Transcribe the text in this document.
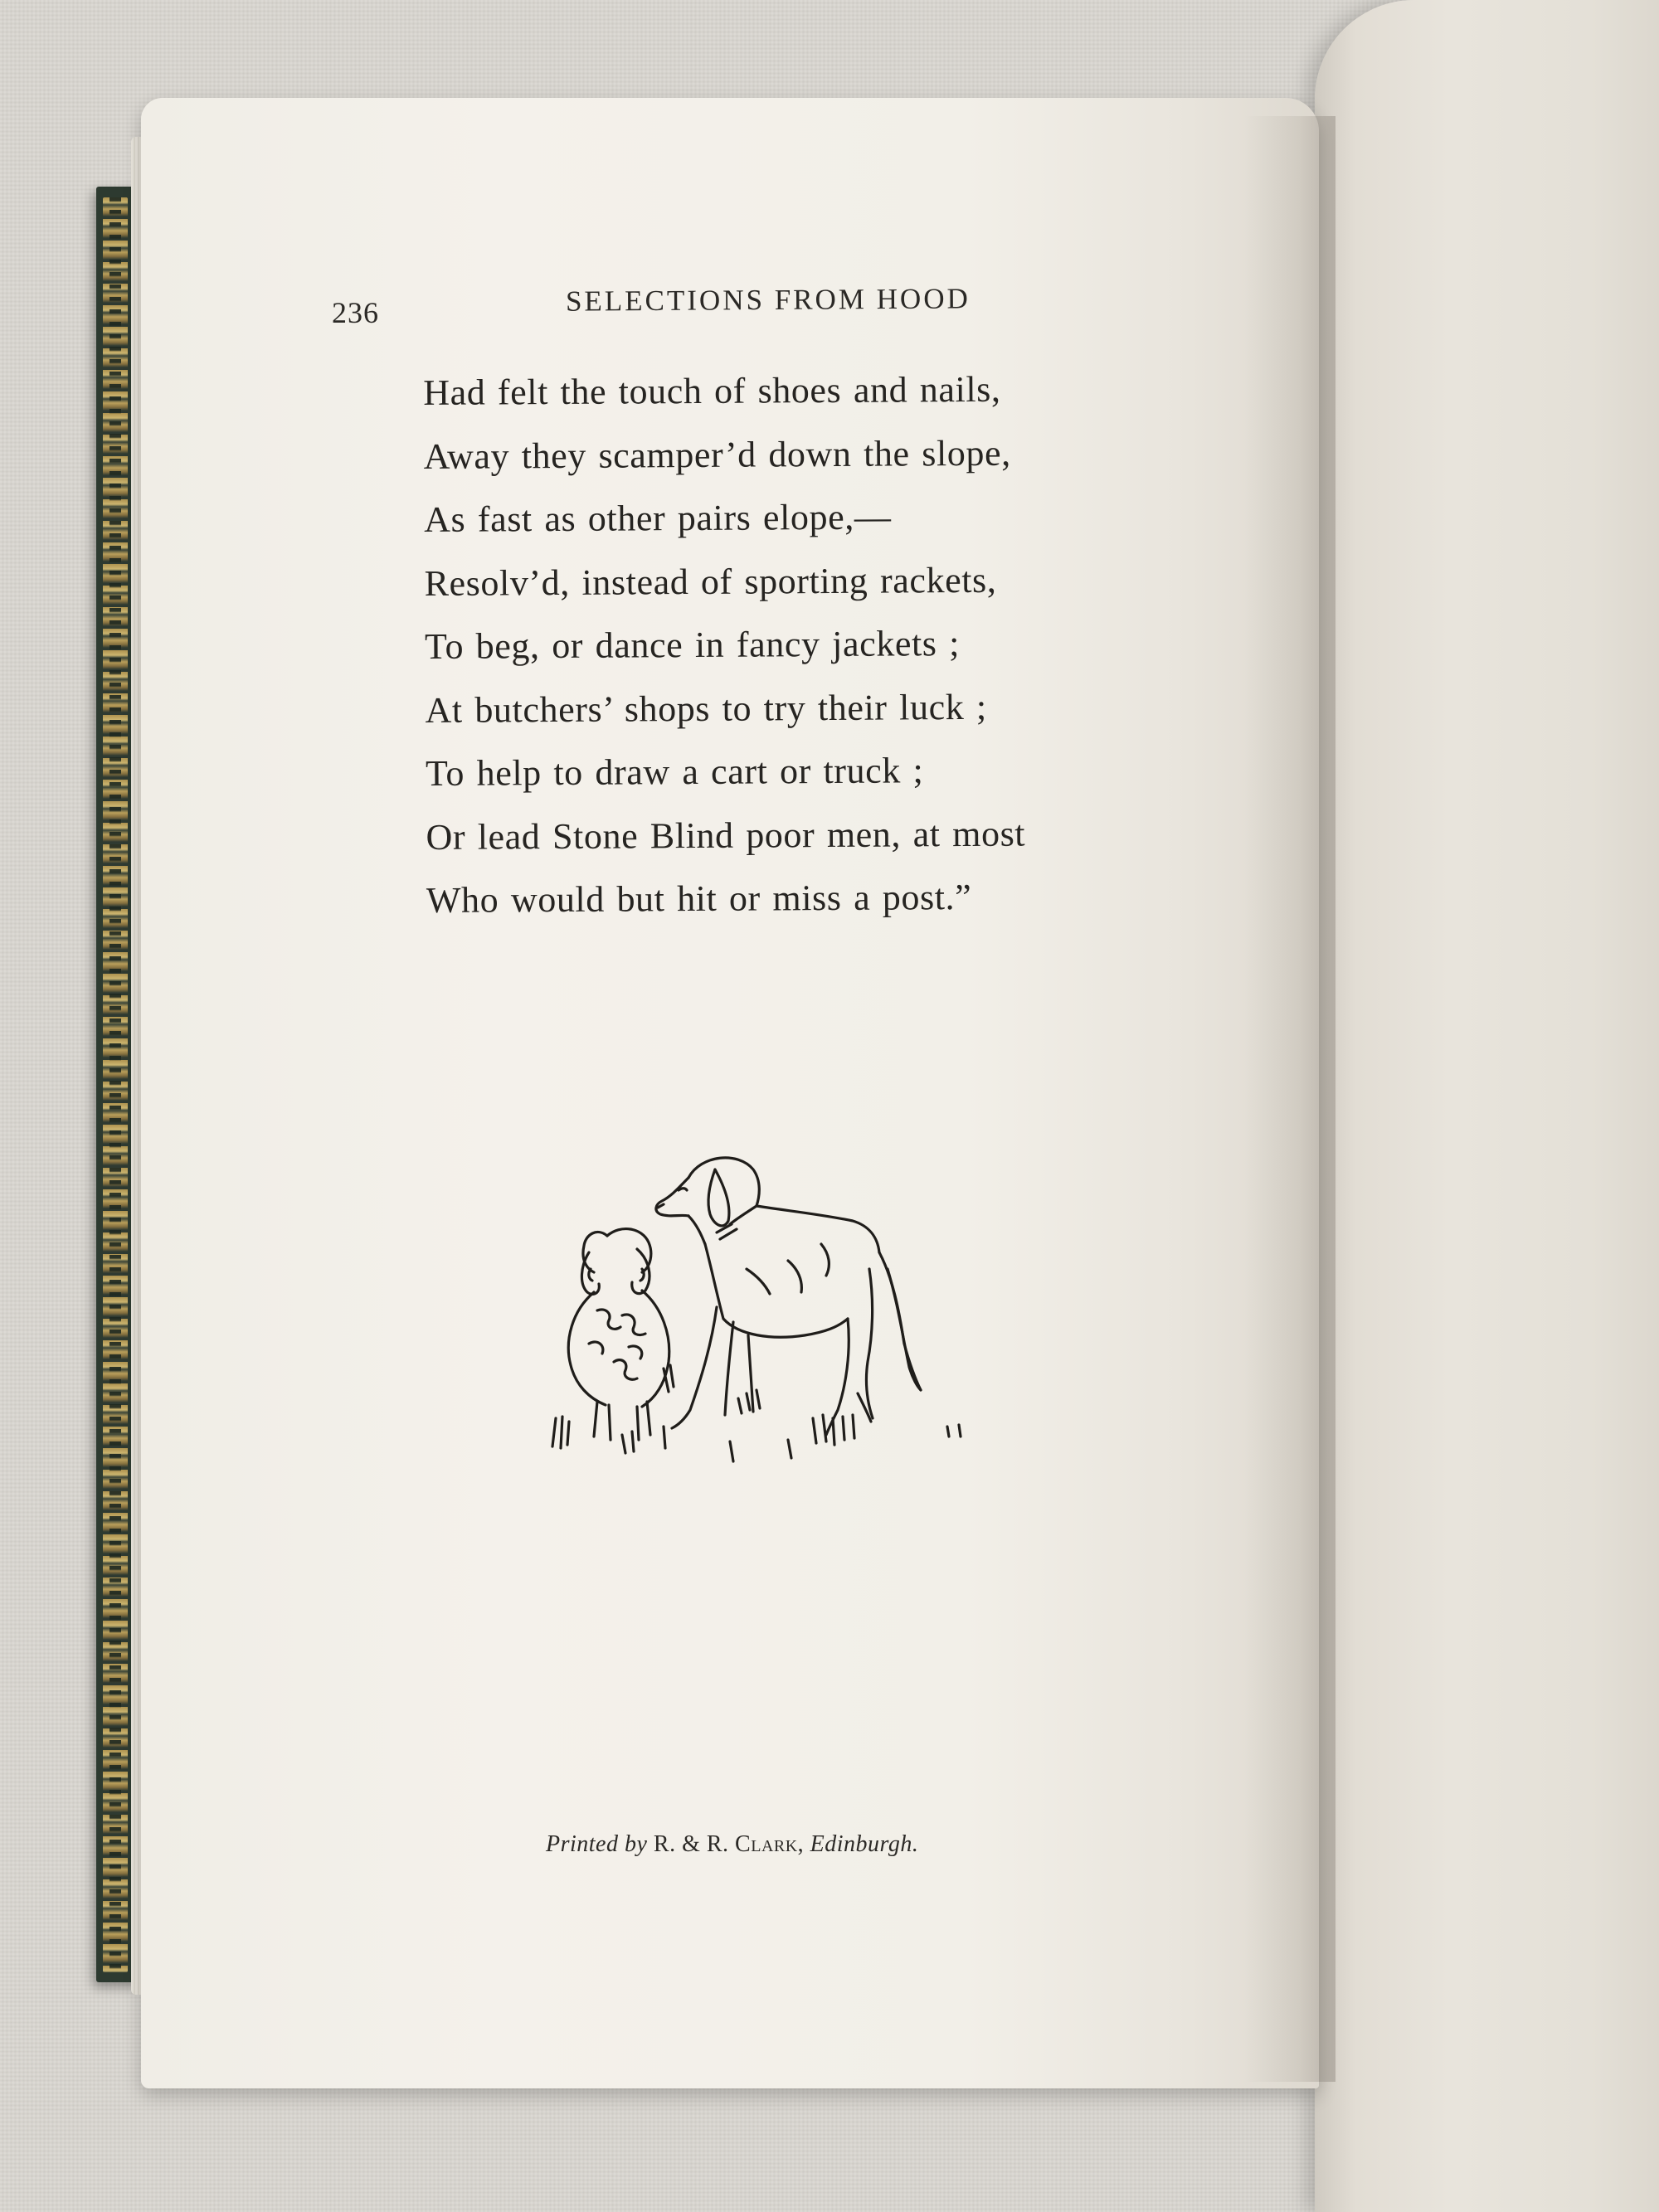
236	SELECTIONS FROM HOOD
Had felt the touch of shoes and nails,
Away they scamper’d down the slope,
As fast as other pairs elope,—
Resolv’d, instead of sporting rackets,
To beg, or dance in fancy jackets ;
At butchers’ shops to try their luck ;
To help to draw a cart or truck ;
Or lead Stone Blind poor men, at most
Who would but hit or miss a post.”
Printed by R. & R. Clark, Edinburgh.
